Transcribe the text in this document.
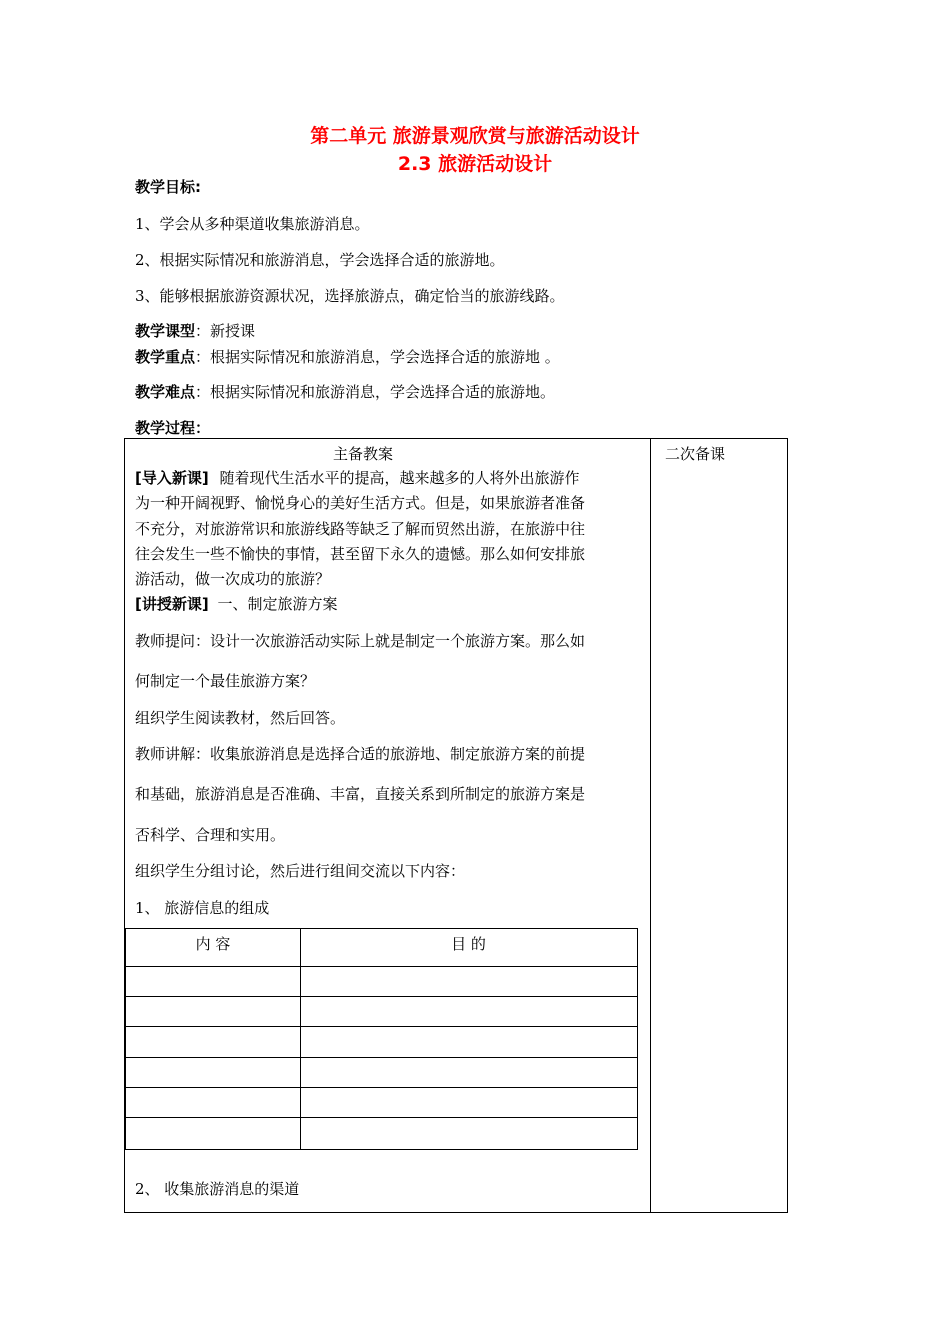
第二单元 旅游景观欣赏与旅游活动设计
2.3 旅游活动设计
教学目标:
1、学会从多种渠道收集旅游消息。
2、根据实际情况和旅游消息，学会选择合适的旅游地。
3、能够根据旅游资源状况，选择旅游点，确定恰当的旅游线路。
教学课型：新授课
教学重点：根据实际情况和旅游消息，学会选择合适的旅游地 。
教学难点：根据实际情况和旅游消息，学会选择合适的旅游地。
教学过程：
主备教案	二次备课
[导入新课] 随着现代生活水平的提高，越来越多的人将外出旅游作
为一种开阔视野、愉悦身心的美好生活方式。但是，如果旅游者准备
不充分，对旅游常识和旅游线路等缺乏了解而贸然出游，在旅游中往
往会发生一些不愉快的事情，甚至留下永久的遗憾。那么如何安排旅
游活动，做一次成功的旅游？
[讲授新课] 一、制定旅游方案
教师提问：设计一次旅游活动实际上就是制定一个旅游方案。那么如
何制定一个最佳旅游方案？
组织学生阅读教材，然后回答。
教师讲解：收集旅游消息是选择合适的旅游地、制定旅游方案的前提
和基础，旅游消息是否准确、丰富，直接关系到所制定的旅游方案是
否科学、合理和实用。
组织学生分组讨论，然后进行组间交流以下内容：
1、 旅游信息的组成
内 容	目 的
2、 收集旅游消息的渠道
